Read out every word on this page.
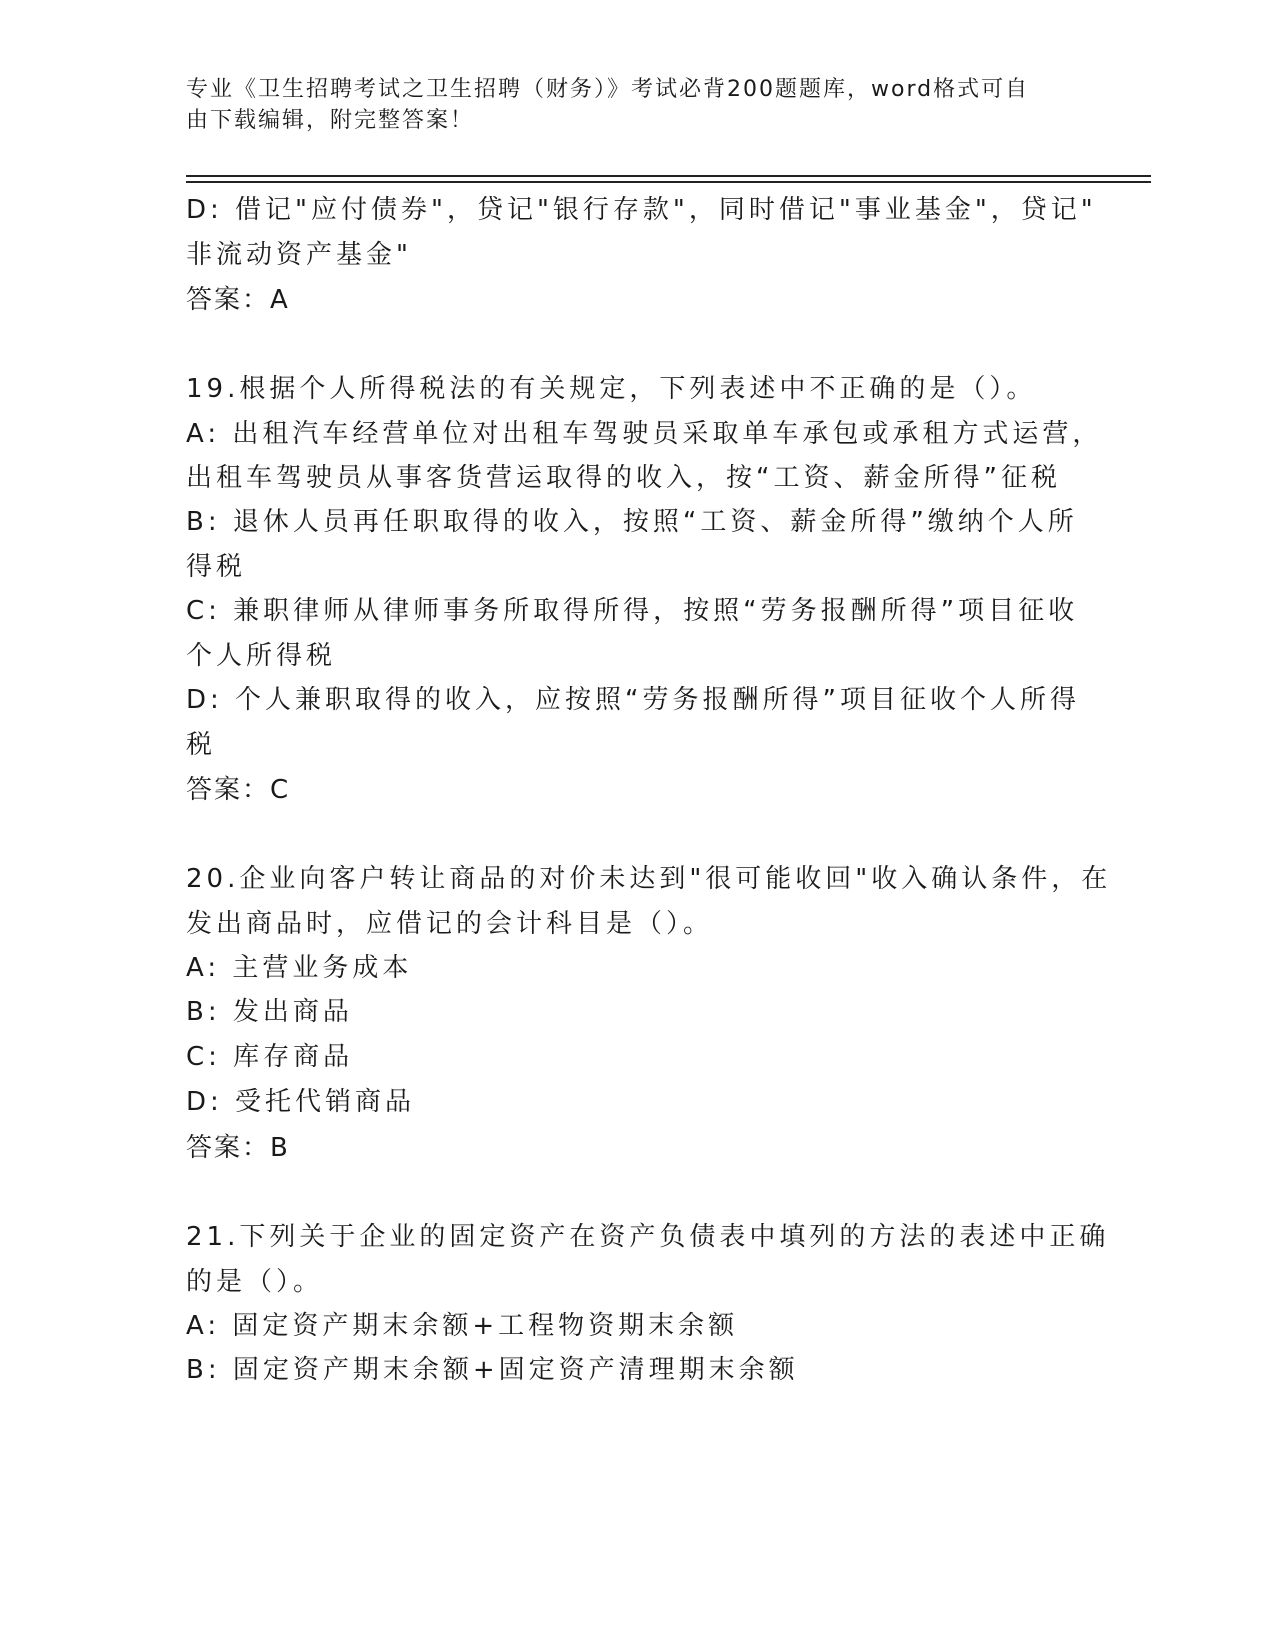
专业《卫生招聘考试之卫生招聘（财务）》考试必背200题题库，word格式可自
由下载编辑，附完整答案！
D: 借记"应付债券"，贷记"银行存款"，同时借记"事业基金"，贷记"
非流动资产基金"
答案：A
19.根据个人所得税法的有关规定，下列表述中不正确的是（）。
A: 出租汽车经营单位对出租车驾驶员采取单车承包或承租方式运营，
出租车驾驶员从事客货营运取得的收入，按“工资、薪金所得”征税
B: 退休人员再任职取得的收入，按照“工资、薪金所得”缴纳个人所
得税
C: 兼职律师从律师事务所取得所得，按照“劳务报酬所得”项目征收
个人所得税
D: 个人兼职取得的收入，应按照“劳务报酬所得”项目征收个人所得
税
答案：C
20.企业向客户转让商品的对价未达到"很可能收回"收入确认条件，在
发出商品时，应借记的会计科目是（）。
A: 主营业务成本
B: 发出商品
C: 库存商品
D: 受托代销商品
答案：B
21.下列关于企业的固定资产在资产负债表中填列的方法的表述中正确
的是（）。
A: 固定资产期末余额+工程物资期末余额
B: 固定资产期末余额+固定资产清理期末余额
